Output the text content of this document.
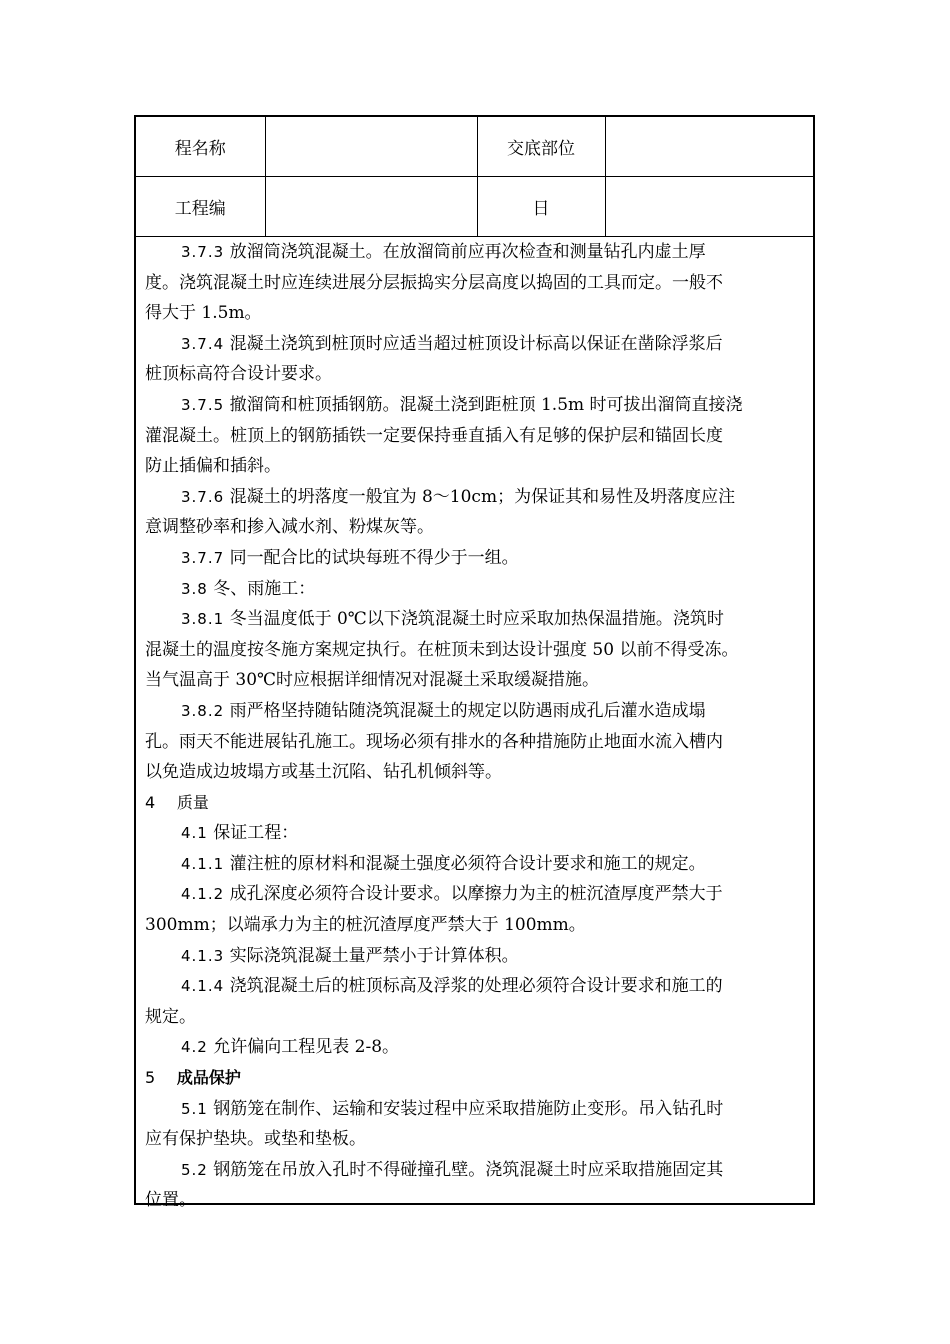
程名称		交底部位	
工程编		日	

3.7.3 放溜筒浇筑混凝土。在放溜筒前应再次检查和测量钻孔内虚土厚

度。浇筑混凝土时应连续进展分层振捣实分层高度以捣固的工具而定。一般不

得大于 1.5m。

3.7.4 混凝土浇筑到桩顶时应适当超过桩顶设计标高以保证在凿除浮浆后

桩顶标高符合设计要求。

3.7.5 撤溜筒和桩顶插钢筋。混凝土浇到距桩顶 1.5m 时可拔出溜筒直接浇

灌混凝土。桩顶上的钢筋插铁一定要保持垂直插入有足够的保护层和锚固长度

防止插偏和插斜。

3.7.6 混凝土的坍落度一般宜为 8～10cm；为保证其和易性及坍落度应注

意调整砂率和掺入减水剂、粉煤灰等。

3.7.7 同一配合比的试块每班不得少于一组。

3.8 冬、雨施工：

3.8.1 冬当温度低于 0℃以下浇筑混凝土时应采取加热保温措施。浇筑时

混凝土的温度按冬施方案规定执行。在桩顶未到达设计强度 50 以前不得受冻。

当气温高于 30℃时应根据详细情况对混凝土采取缓凝措施。

3.8.2 雨严格坚持随钻随浇筑混凝土的规定以防遇雨成孔后灌水造成塌

孔。雨天不能进展钻孔施工。现场必须有排水的各种措施防止地面水流入槽内

以免造成边坡塌方或基土沉陷、钻孔机倾斜等。

4 质量

4.1 保证工程：

4.1.1 灌注桩的原材料和混凝土强度必须符合设计要求和施工的规定。

4.1.2 成孔深度必须符合设计要求。以摩擦力为主的桩沉渣厚度严禁大于

300mm；以端承力为主的桩沉渣厚度严禁大于 100mm。

4.1.3 实际浇筑混凝土量严禁小于计算体积。

4.1.4 浇筑混凝土后的桩顶标高及浮浆的处理必须符合设计要求和施工的

规定。

4.2 允许偏向工程见表 2-8。

5 成品保护

5.1 钢筋笼在制作、运输和安装过程中应采取措施防止变形。吊入钻孔时

应有保护垫块。或垫和垫板。

5.2 钢筋笼在吊放入孔时不得碰撞孔壁。浇筑混凝土时应采取措施固定其

位置。
